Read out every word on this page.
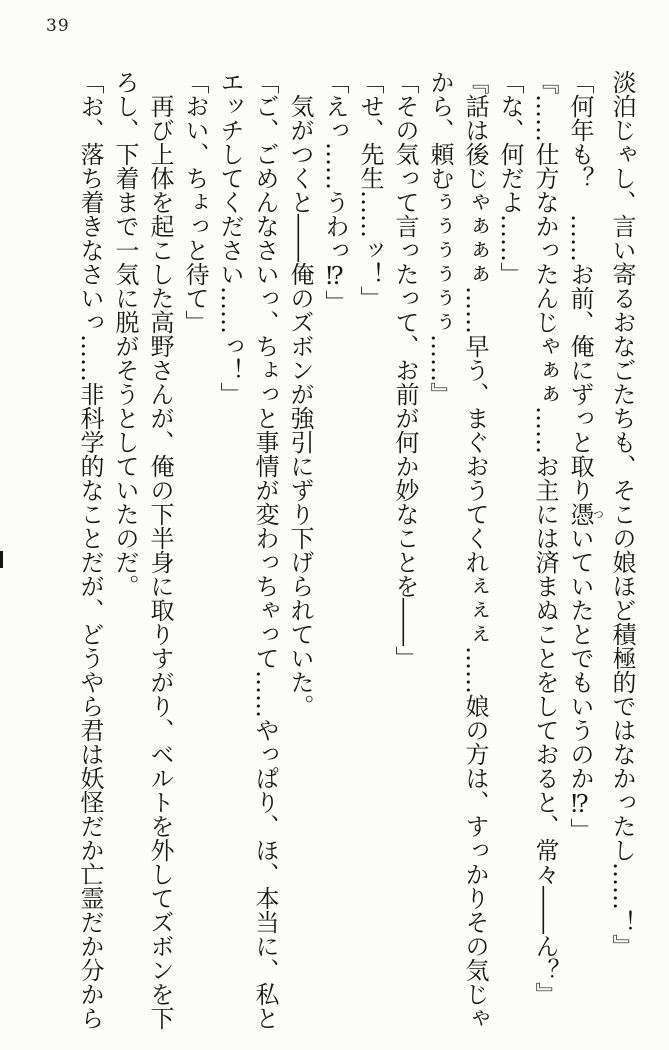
39
淡泊じゃし、言い寄るおなごたちも、そこの娘ほど積極的ではなかったし……！』
「何年も？　……お前、俺にずっと取り憑ついていたとでもいうのか⁉」
『……仕方なかったんじゃぁぁ……お主には済まぬことをしておると、常々――ん？』
「な、何だよ……」
『話は後じゃぁぁぁ……早う、まぐおうてくれぇぇぇ……娘の方は、すっかりその気じゃ
から、頼むぅぅぅぅぅぅ……』
「その気って言ったって、お前が何か妙なことを――」
「せ、先生……ッ！」
「えっ……うわっ⁉」
気がつくと――俺のズボンが強引にずり下げられていた。
「ご、ごめんなさいっ、ちょっと事情が変わっちゃって……やっぱり、ほ、本当に、私と
エッチしてください……っ！」
「おい、ちょっと待て」
再び上体を起こした高野さんが、俺の下半身に取りすがり、ベルトを外してズボンを下
ろし、下着まで一気に脱がそうとしていたのだ。
「お、落ち着きなさいっ……非科学的なことだが、どうやら君は妖怪だか亡霊だか分から
